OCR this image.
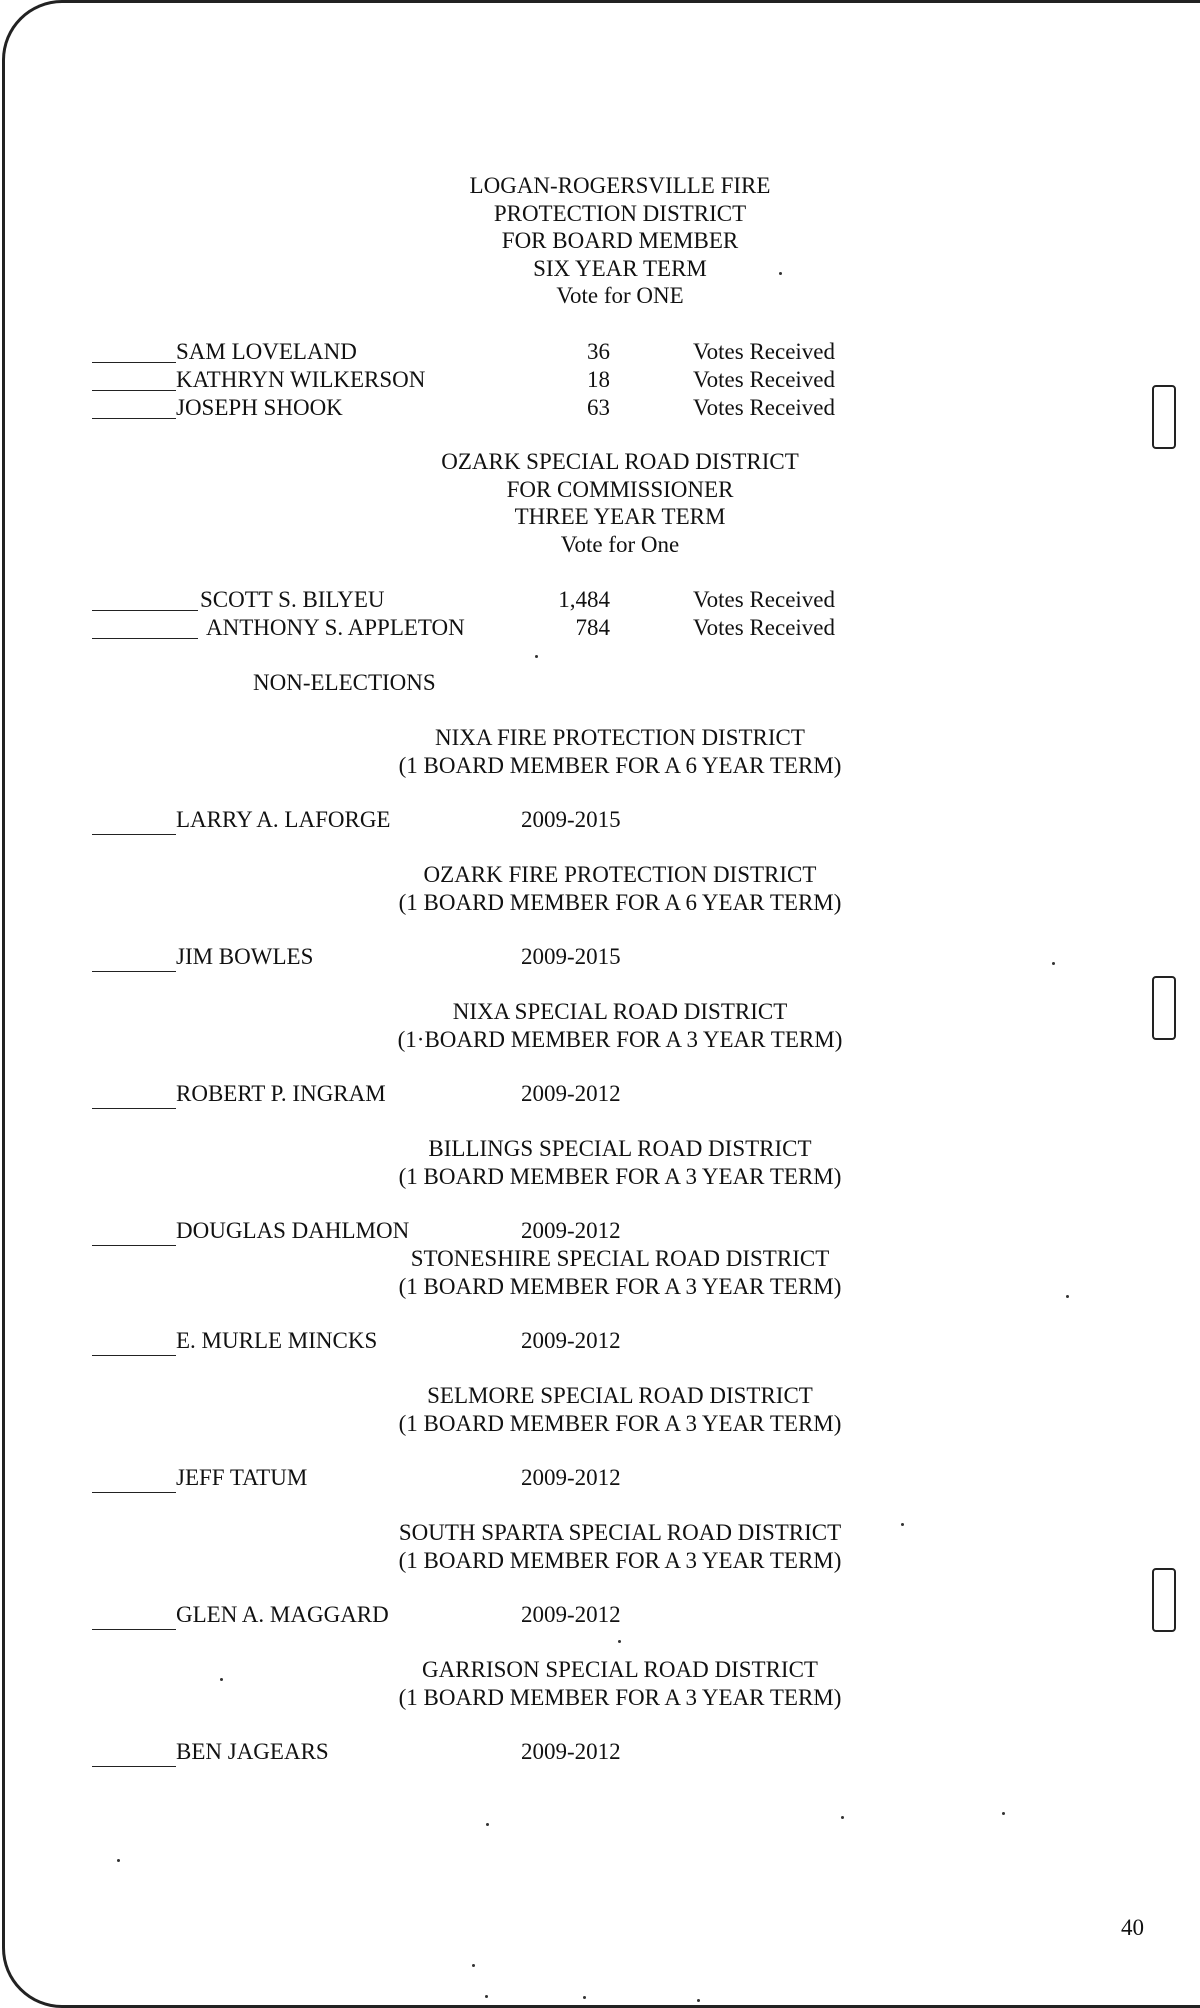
LOGAN-ROGERSVILLE FIRE
PROTECTION DISTRICT
FOR BOARD MEMBER
SIX YEAR TERM
Vote for ONE
SAM LOVELAND	36	Votes Received
KATHRYN WILKERSON	18	Votes Received
JOSEPH SHOOK	63	Votes Received
OZARK SPECIAL ROAD DISTRICT
FOR COMMISSIONER
THREE YEAR TERM
Vote for One
SCOTT S. BILYEU	1,484	Votes Received
ANTHONY S. APPLETON	784	Votes Received
NON-ELECTIONS
NIXA FIRE PROTECTION DISTRICT
(1 BOARD MEMBER FOR A 6 YEAR TERM)
LARRY A. LAFORGE	2009-2015
OZARK FIRE PROTECTION DISTRICT
(1 BOARD MEMBER FOR A 6 YEAR TERM)
JIM BOWLES	2009-2015
NIXA SPECIAL ROAD DISTRICT
(1·BOARD MEMBER FOR A 3 YEAR TERM)
ROBERT P. INGRAM	2009-2012
BILLINGS SPECIAL ROAD DISTRICT
(1 BOARD MEMBER FOR A 3 YEAR TERM)
DOUGLAS DAHLMON	2009-2012
STONESHIRE SPECIAL ROAD DISTRICT
(1 BOARD MEMBER FOR A 3 YEAR TERM)
E. MURLE MINCKS	2009-2012
SELMORE SPECIAL ROAD DISTRICT
(1 BOARD MEMBER FOR A 3 YEAR TERM)
JEFF TATUM	2009-2012
SOUTH SPARTA SPECIAL ROAD DISTRICT
(1 BOARD MEMBER FOR A 3 YEAR TERM)
GLEN A. MAGGARD	2009-2012
GARRISON SPECIAL ROAD DISTRICT
(1 BOARD MEMBER FOR A 3 YEAR TERM)
BEN JAGEARS	2009-2012
40
